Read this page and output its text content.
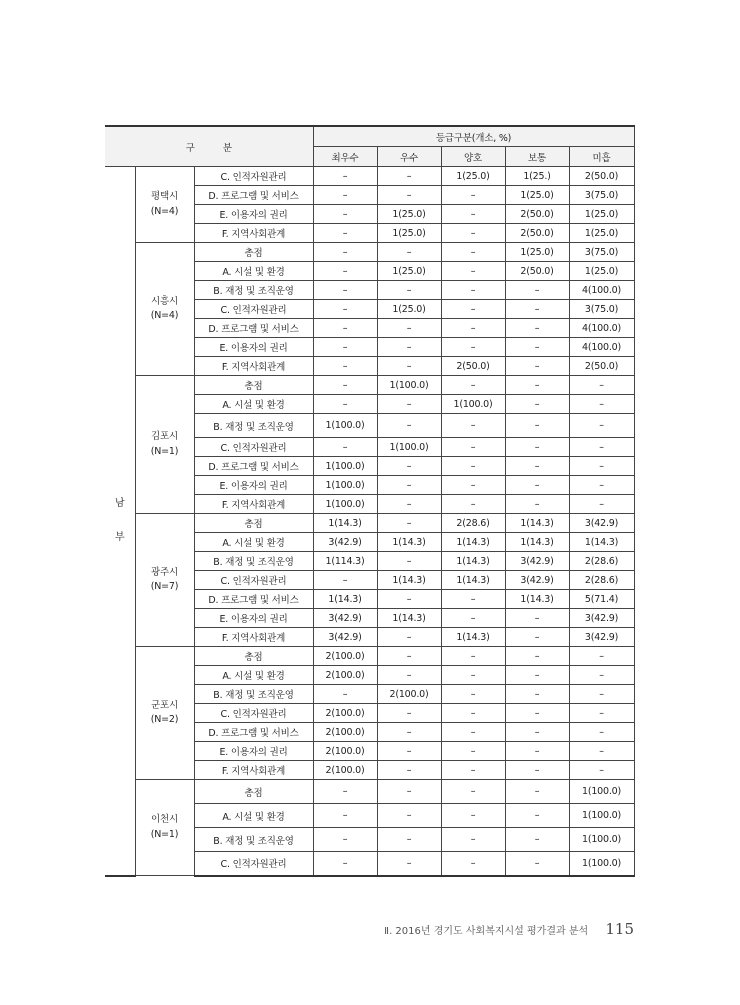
구          분			등급구분(개소, %)				
			최우수	우수	양호	보통	미흡
남

부	평택시
(N=4)	C. 인적자원관리	–	–	1(25.0)	1(25.)	2(50.0)
		D. 프로그램 및 서비스	–	–	–	1(25.0)	3(75.0)
		E. 이용자의 권리	–	1(25.0)	–	2(50.0)	1(25.0)
		F. 지역사회관계	–	1(25.0)	–	2(50.0)	1(25.0)
	시흥시
(N=4)	총점	–	–	–	1(25.0)	3(75.0)
		A. 시설 및 환경	–	1(25.0)	–	2(50.0)	1(25.0)
		B. 재정 및 조직운영	–	–	–	–	4(100.0)
		C. 인적자원관리	–	1(25.0)	–	–	3(75.0)
		D. 프로그램 및 서비스	–	–	–	–	4(100.0)
		E. 이용자의 권리	–	–	–	–	4(100.0)
		F. 지역사회관계	–	–	2(50.0)	–	2(50.0)
	김포시
(N=1)	총점	–	1(100.0)	–	–	–
		A. 시설 및 환경	–	–	1(100.0)	–	–
		B. 재정 및 조직운영	1(100.0)	–	–	–	–
		C. 인적자원관리	–	1(100.0)	–	–	–
		D. 프로그램 및 서비스	1(100.0)	–	–	–	–
		E. 이용자의 권리	1(100.0)	–	–	–	–
		F. 지역사회관계	1(100.0)	–	–	–	–
	광주시
(N=7)	총점	1(14.3)	–	2(28.6)	1(14.3)	3(42.9)
		A. 시설 및 환경	3(42.9)	1(14.3)	1(14.3)	1(14.3)	1(14.3)
		B. 재정 및 조직운영	1(114.3)	–	1(14.3)	3(42.9)	2(28.6)
		C. 인적자원관리	–	1(14.3)	1(14.3)	3(42.9)	2(28.6)
		D. 프로그램 및 서비스	1(14.3)	–	–	1(14.3)	5(71.4)
		E. 이용자의 권리	3(42.9)	1(14.3)	–	–	3(42.9)
		F. 지역사회관계	3(42.9)	–	1(14.3)	–	3(42.9)
	군포시
(N=2)	총점	2(100.0)	–	–	–	–
		A. 시설 및 환경	2(100.0)	–	–	–	–
		B. 재정 및 조직운영	–	2(100.0)	–	–	–
		C. 인적자원관리	2(100.0)	–	–	–	–
		D. 프로그램 및 서비스	2(100.0)	–	–	–	–
		E. 이용자의 권리	2(100.0)	–	–	–	–
		F. 지역사회관계	2(100.0)	–	–	–	–
	이천시
(N=1)	총점	–	–	–	–	1(100.0)
		A. 시설 및 환경	–	–	–	–	1(100.0)
		B. 재정 및 조직운영	–	–	–	–	1(100.0)
		C. 인적자원관리	–	–	–	–	1(100.0)
Ⅱ. 2016년 경기도 사회복지시설 평가결과 분석 115
